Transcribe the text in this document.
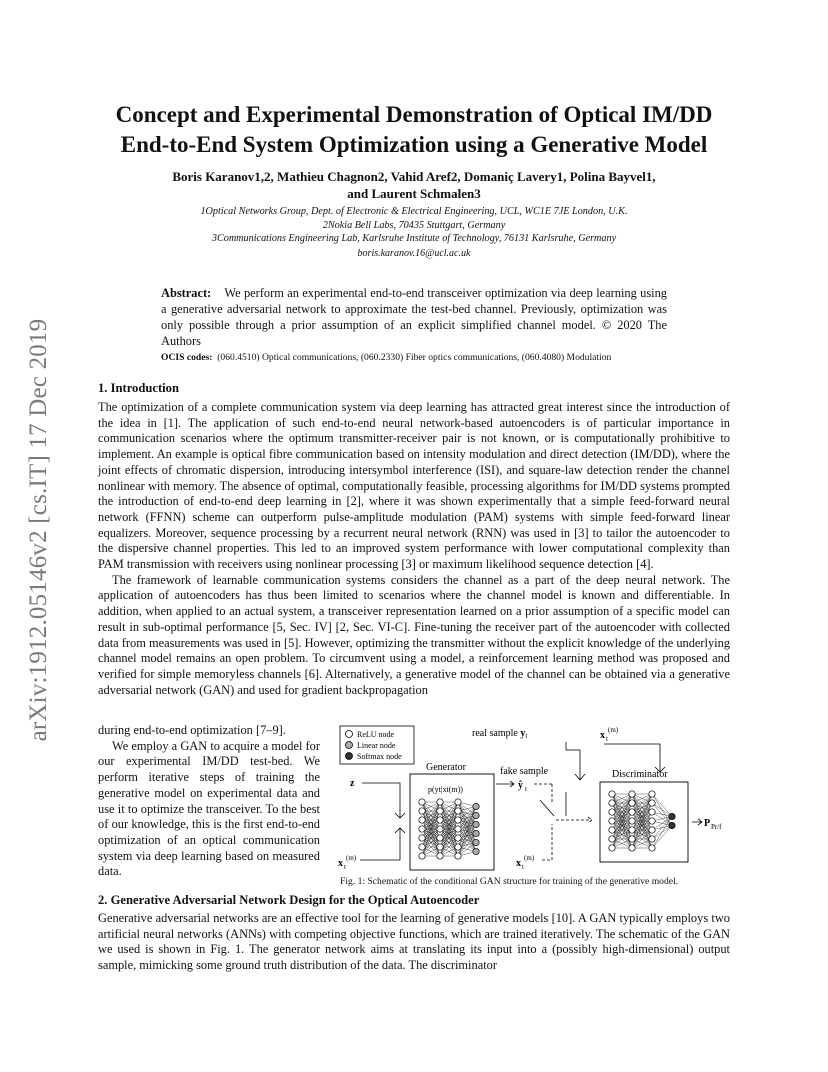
arXiv:1912.05146v2 [cs.IT] 17 Dec 2019
Concept and Experimental Demonstration of Optical IM/DD
End-to-End System Optimization using a Generative Model
Boris Karanov1,2, Mathieu Chagnon2, Vahid Aref2, Domaniç Lavery1, Polina Bayvel1,
and Laurent Schmalen3
1Optical Networks Group, Dept. of Electronic & Electrical Engineering, UCL, WC1E 7JE London, U.K.
2Nokia Bell Labs, 70435 Stuttgart, Germany
3Communications Engineering Lab, Karlsruhe Institute of Technology, 76131 Karlsruhe, Germany
boris.karanov.16@ucl.ac.uk
Abstract: We perform an experimental end-to-end transceiver optimization via deep learning using a generative adversarial network to approximate the test-bed channel. Previously, optimization was only possible through a prior assumption of an explicit simplified channel model. © 2020 The Authors
OCIS codes: (060.4510) Optical communications, (060.2330) Fiber optics communications, (060.4080) Modulation
1. Introduction

The optimization of a complete communication system via deep learning has attracted great interest since the introduction of the idea in [1]. The application of such end-to-end neural network-based autoencoders is of particular importance in communication scenarios where the optimum transmitter-receiver pair is not known, or is computationally prohibitive to implement. An example is optical fibre communication based on intensity modulation and direct detection (IM/DD), where the joint effects of chromatic dispersion, introducing intersymbol interference (ISI), and square-law detection render the channel nonlinear with memory. The absence of optimal, computationally feasible, processing algorithms for IM/DD systems prompted the introduction of end-to-end deep learning in [2], where it was shown experimentally that a simple feed-forward neural network (FFNN) scheme can outperform pulse-amplitude modulation (PAM) systems with simple feed-forward linear equalizers. Moreover, sequence processing by a recurrent neural network (RNN) was used in [3] to tailor the autoencoder to the dispersive channel properties. This led to an improved system performance with lower computational complexity than PAM transmission with receivers using nonlinear processing [3] or maximum likelihood sequence detection [4].

The framework of learnable communication systems considers the channel as a part of the deep neural network. The application of autoencoders has thus been limited to scenarios where the channel model is known and differentiable. In addition, when applied to an actual system, a transceiver representation learned on a prior assumption of a specific model can result in sub-optimal performance [5, Sec. IV] [2, Sec. VI-C]. Fine-tuning the receiver part of the autoencoder with collected data from measurements was used in [5]. However, optimizing the transmitter without the explicit knowledge of the underlying channel model remains an open problem. To circumvent using a model, a reinforcement learning method was proposed and verified for simple memoryless channels [6]. Alternatively, a generative model of the channel can be obtained via a generative adversarial network (GAN) and used for gradient backpropagation

during end-to-end optimization [7–9].

We employ a GAN to acquire a model for our experimental IM/DD test-bed. We perform iterative steps of training the generative model on experimental data and use it to optimize the transceiver. To the best of our knowledge, this is the first end-to-end optimization of an optical communication system via deep learning based on measured data.

ReLU node
Linear node
Softmax node
real sample $y_t$	x t
(m)
Generator
p(yt|xt(m))
z
x t
(m)
fake sample
ŷ t
x t
(m)
Discriminator
P Pr/f
Fig. 1: Schematic of the conditional GAN structure for training of the generative model.
2. Generative Adversarial Network Design for the Optical Autoencoder

Generative adversarial networks are an effective tool for the learning of generative models [10]. A GAN typically employs two artificial neural networks (ANNs) with competing objective functions, which are trained iteratively. The schematic of the GAN we used is shown in Fig. 1. The generator network aims at translating its input into a (possibly high-dimensional) output sample, mimicking some ground truth distribution of the data. The discriminator
